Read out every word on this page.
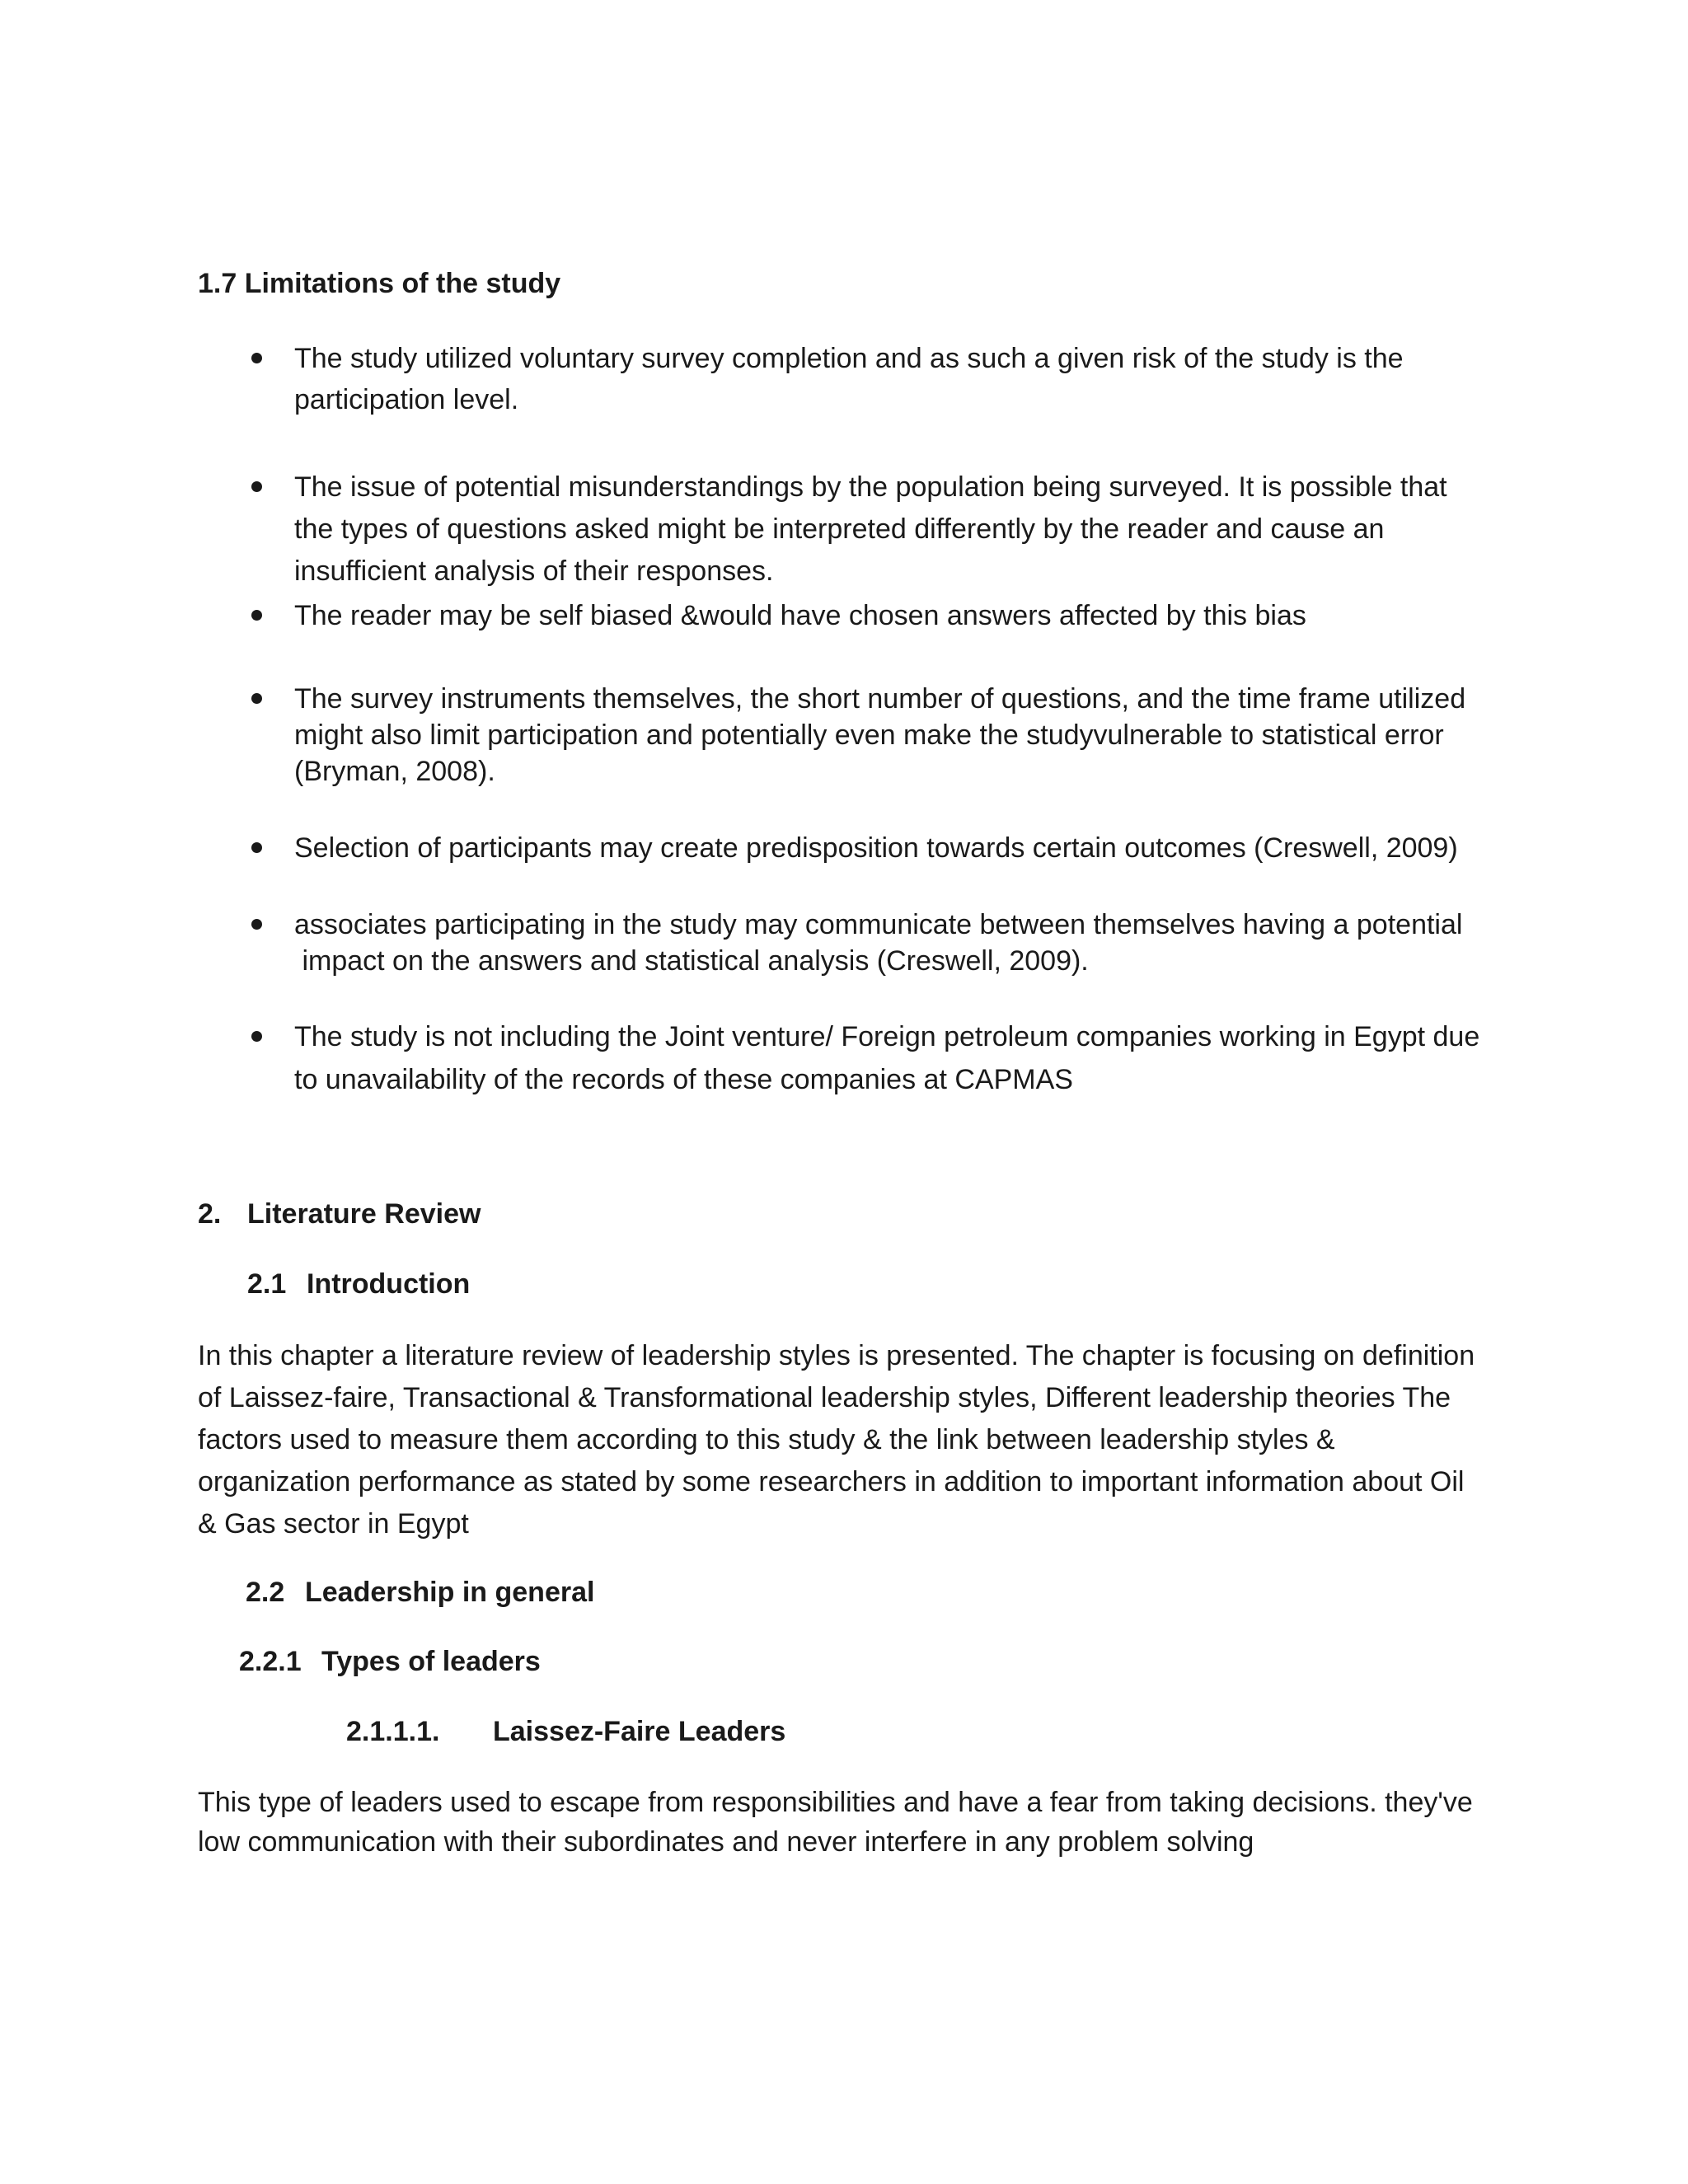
1.7 Limitations of the study
The study utilized voluntary survey completion and as such a given risk of the study is the
participation level.
The issue of potential misunderstandings by the population being surveyed. It is possible that
the types of questions asked might be interpreted differently by the reader and cause an
insufficient analysis of their responses.
The reader may be self biased &would have chosen answers affected by this bias
The survey instruments themselves, the short number of questions, and the time frame utilized
might also limit participation and potentially even make the studyvulnerable to statistical error
(Bryman, 2008).
Selection of participants may create predisposition towards certain outcomes (Creswell, 2009)
associates participating in the study may communicate between themselves having a potential
impact on the answers and statistical analysis (Creswell, 2009).
The study is not including the Joint venture/ Foreign petroleum companies working in Egypt due
to unavailability of the records of these companies at CAPMAS
2. Literature Review
2.1 Introduction
In this chapter a literature review of leadership styles is presented. The chapter is focusing on definition
of Laissez-faire, Transactional & Transformational leadership styles, Different leadership theories The
factors used to measure them according to this study & the link between leadership styles &
organization performance as stated by some researchers in addition to important information about Oil
& Gas sector in Egypt
2.2 Leadership in general
2.2.1 Types of leaders
2.1.1.1. Laissez-Faire Leaders
This type of leaders used to escape from responsibilities and have a fear from taking decisions. they've
low communication with their subordinates and never interfere in any problem solving
